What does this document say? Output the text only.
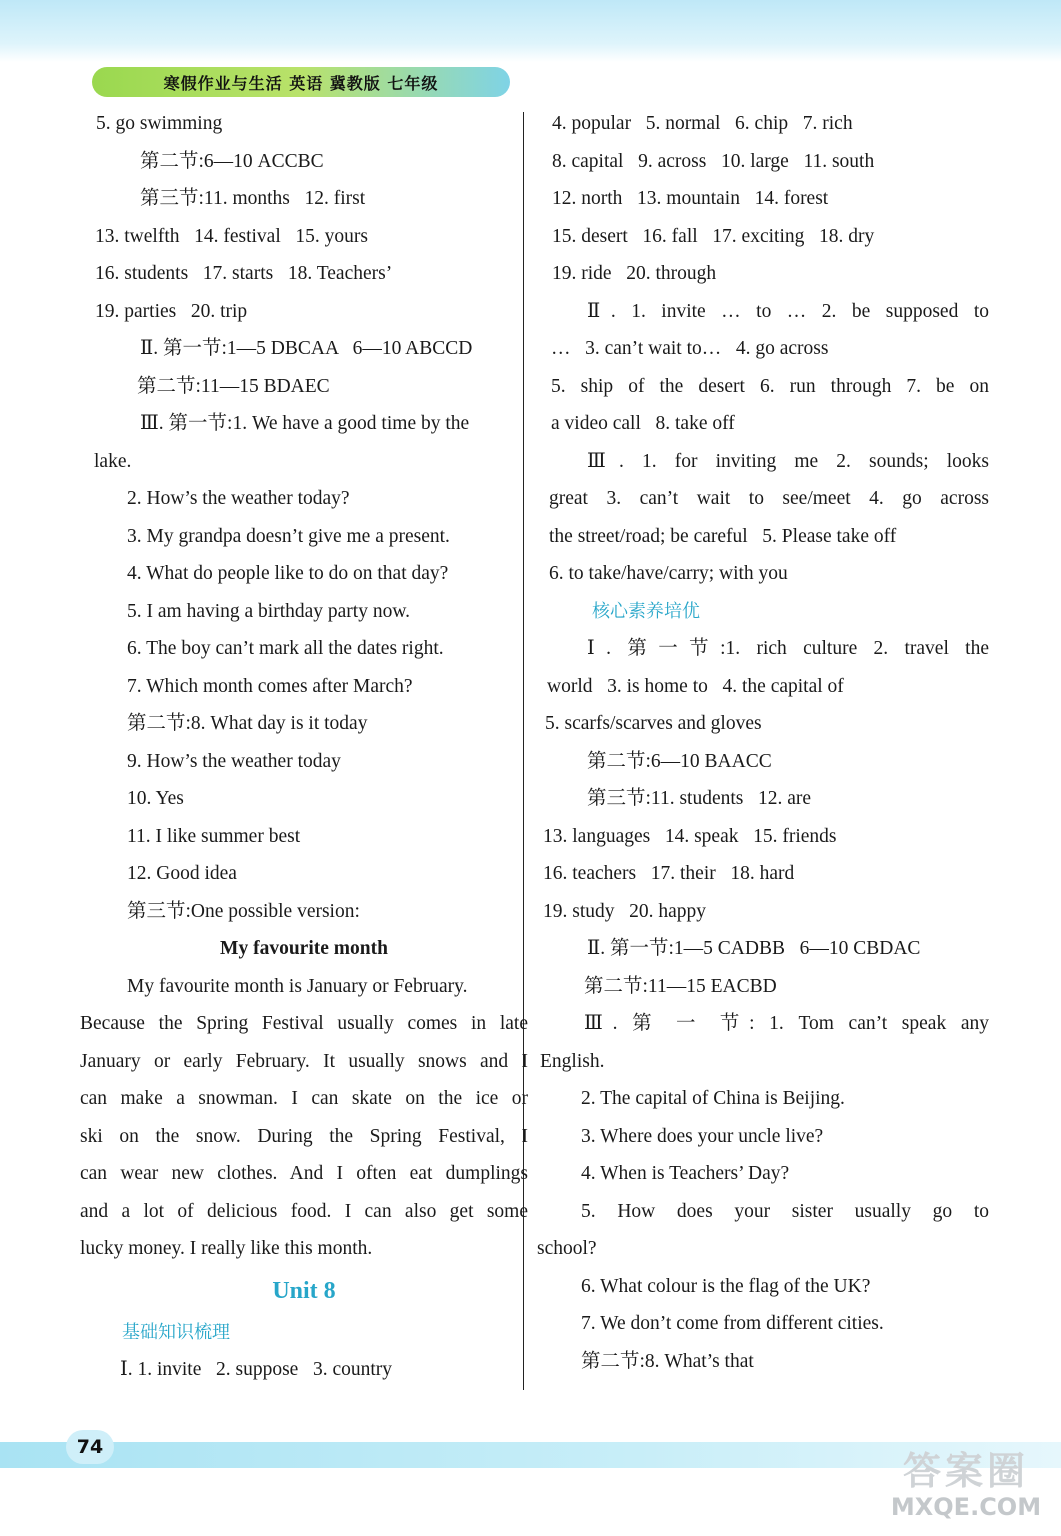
寒假作业与生活 英语 冀教版 七年级
5. go swimming
第二节:6—10 ACCBC
第三节:11. months   12. first
13. twelfth   14. festival   15. yours
16. students   17. starts   18. Teachers’
19. parties   20. trip
Ⅱ. 第一节:1—5 DBCAA   6—10 ABCCD
第二节:11—15 BDAEC
Ⅲ. 第一节:1. We have a good time by the
lake.
2. How’s the weather today?
3. My grandpa doesn’t give me a present.
4. What do people like to do on that day?
5. I am having a birthday party now.
6. The boy can’t mark all the dates right.
7. Which month comes after March?
第二节:8. What day is it today
9. How’s the weather today
10. Yes
11. I like summer best
12. Good idea
第三节:One possible version:
My favourite month
My favourite month is January or February.
Because the Spring Festival usually comes in late
January or early February. It usually snows and I
can make a snowman. I can skate on the ice or
ski on the snow. During the Spring Festival, I
can wear new clothes. And I often eat dumplings
and a lot of delicious food. I can also get some
lucky money. I really like this month.
Unit 8
基础知识梳理
Ⅰ. 1. invite   2. suppose   3. country
4. popular   5. normal   6. chip   7. rich
8. capital   9. across   10. large   11. south
12. north   13. mountain   14. forest
15. desert   16. fall   17. exciting   18. dry
19. ride   20. through
Ⅱ. 1. invite … to … 2. be supposed to
…   3. can’t wait to…   4. go across
5. ship of the desert 6. run through 7. be on
a video call   8. take off
Ⅲ. 1. for inviting me 2. sounds; looks
great 3. can’t wait to see/meet 4. go across
the street/road; be careful   5. Please take off
6. to take/have/carry; with you
核心素养培优
Ⅰ. 第一节:1. rich culture 2. travel the
world   3. is home to   4. the capital of
5. scarfs/scarves and gloves
第二节:6—10 BAACC
第三节:11. students   12. are
13. languages   14. speak   15. friends
16. teachers   17. their   18. hard
19. study   20. happy
Ⅱ. 第一节:1—5 CADBB   6—10 CBDAC
第二节:11—15 EACBD
Ⅲ. 第 一 节: 1. Tom can’t speak any
English.
2. The capital of China is Beijing.
3. Where does your uncle live?
4. When is Teachers’ Day?
5. How does your sister usually go to
school?
6. What colour is the flag of the UK?
7. We don’t come from different cities.
第二节:8. What’s that
74
答案圈
MXQE.COM
